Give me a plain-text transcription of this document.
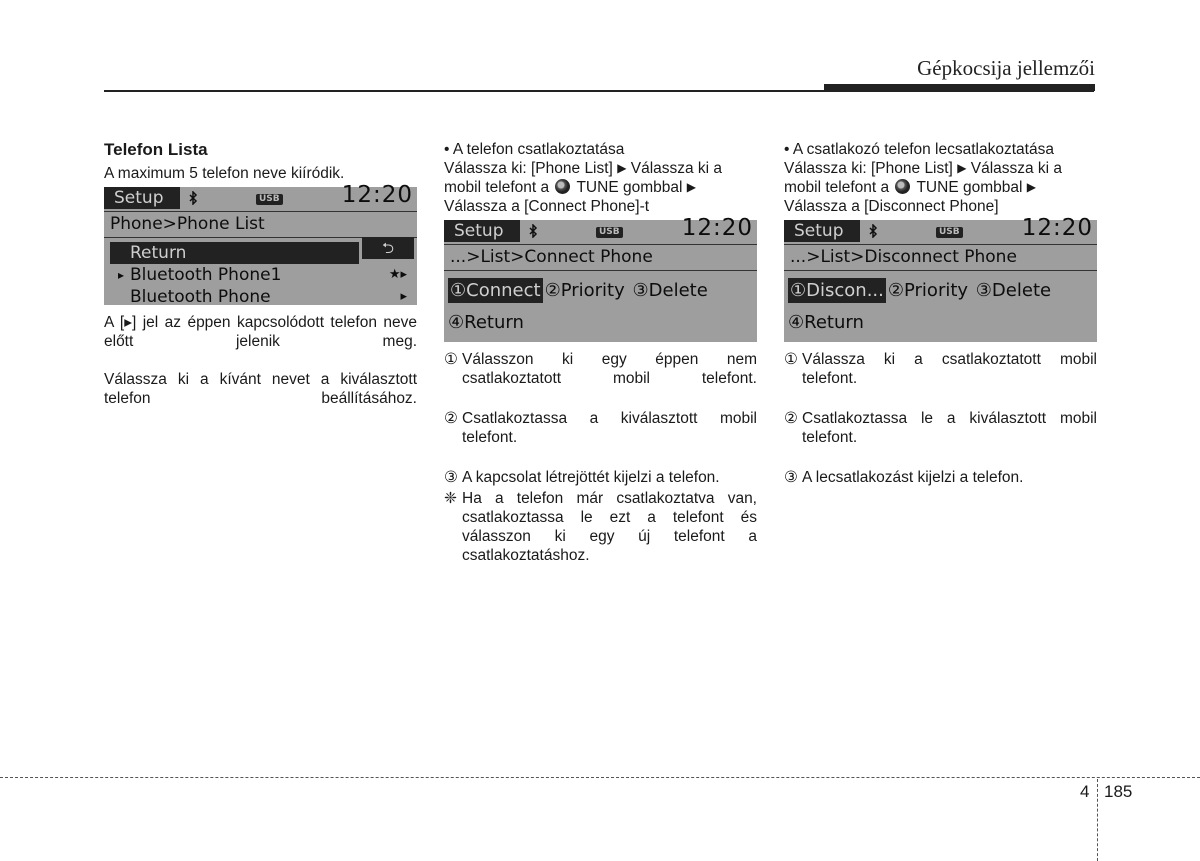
Gépkocsija jellemzői

Telefon Lista

A maximum 5 telefon neve kiíródik.

Setup	USB	12:20
Phone>Phone List
Return	⮌
▸ Bluetooth Phone1	★▸
Bluetooth Phone	▸

A [▸] jel az éppen kapcsolódott telefon neve előtt jelenik meg.

Válassza ki a kívánt nevet a kiválasztott telefon beállításához.

• A telefon csatlakoztatása

Válassza ki: [Phone List] ▶ Válassza ki a mobil telefont a TUNE gombbal ▶ Válassza a [Connect Phone]-t

Setup	USB	12:20
...>List>Connect Phone
①Connect ②Priority ③Delete
④Return
① Válasszon ki egy éppen nem csatlakoztatott mobil telefont.
② Csatlakoztassa a kiválasztott mobil telefont.
③ A kapcsolat létrejöttét kijelzi a telefon.
❈ Ha a telefon már csatlakoztatva van, csatlakoztassa le ezt a telefont és válasszon ki egy új telefont a csatlakoztatáshoz.

• A csatlakozó telefon lecsatlakoztatása

Válassza ki: [Phone List] ▶ Válassza ki a mobil telefont a TUNE gombbal ▶ Válassza a [Disconnect Phone]

Setup	USB	12:20
...>List>Disconnect Phone
①Discon... ②Priority ③Delete
④Return
① Válassza ki a csatlakoztatott mobil telefont.
② Csatlakoztassa le a kiválasztott mobil telefont.
③ A lecsatlakozást kijelzi a telefon.
4 185
